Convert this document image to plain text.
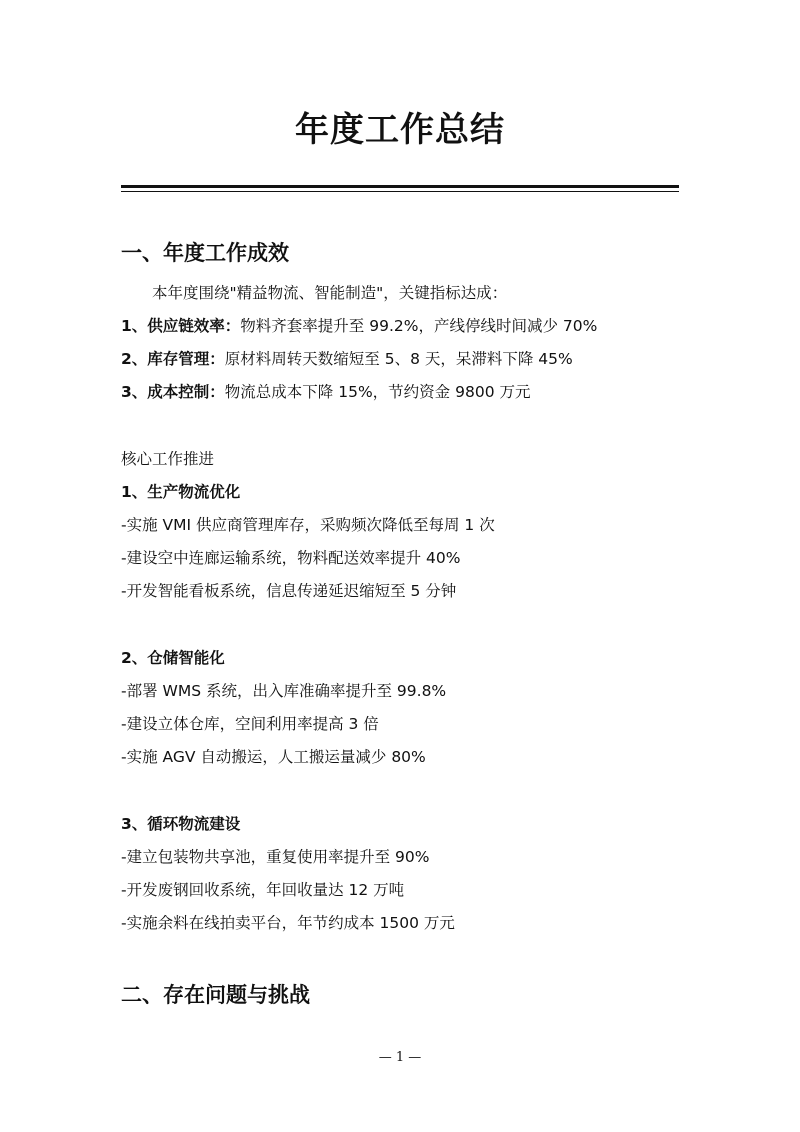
年度工作总结
一、年度工作成效
本年度围绕"精益物流、智能制造"，关键指标达成：
1、供应链效率：物料齐套率提升至 99.2%，产线停线时间减少 70%
2、库存管理：原材料周转天数缩短至 5、8 天，呆滞料下降 45%
3、成本控制：物流总成本下降 15%，节约资金 9800 万元
核心工作推进
1、生产物流优化
-实施 VMI 供应商管理库存，采购频次降低至每周 1 次
-建设空中连廊运输系统，物料配送效率提升 40%
-开发智能看板系统，信息传递延迟缩短至 5 分钟
2、仓储智能化
-部署 WMS 系统，出入库准确率提升至 99.8%
-建设立体仓库，空间利用率提高 3 倍
-实施 AGV 自动搬运，人工搬运量减少 80%
3、循环物流建设
-建立包装物共享池，重复使用率提升至 90%
-开发废钢回收系统，年回收量达 12 万吨
-实施余料在线拍卖平台，年节约成本 1500 万元
二、存在问题与挑战
— 1 —
